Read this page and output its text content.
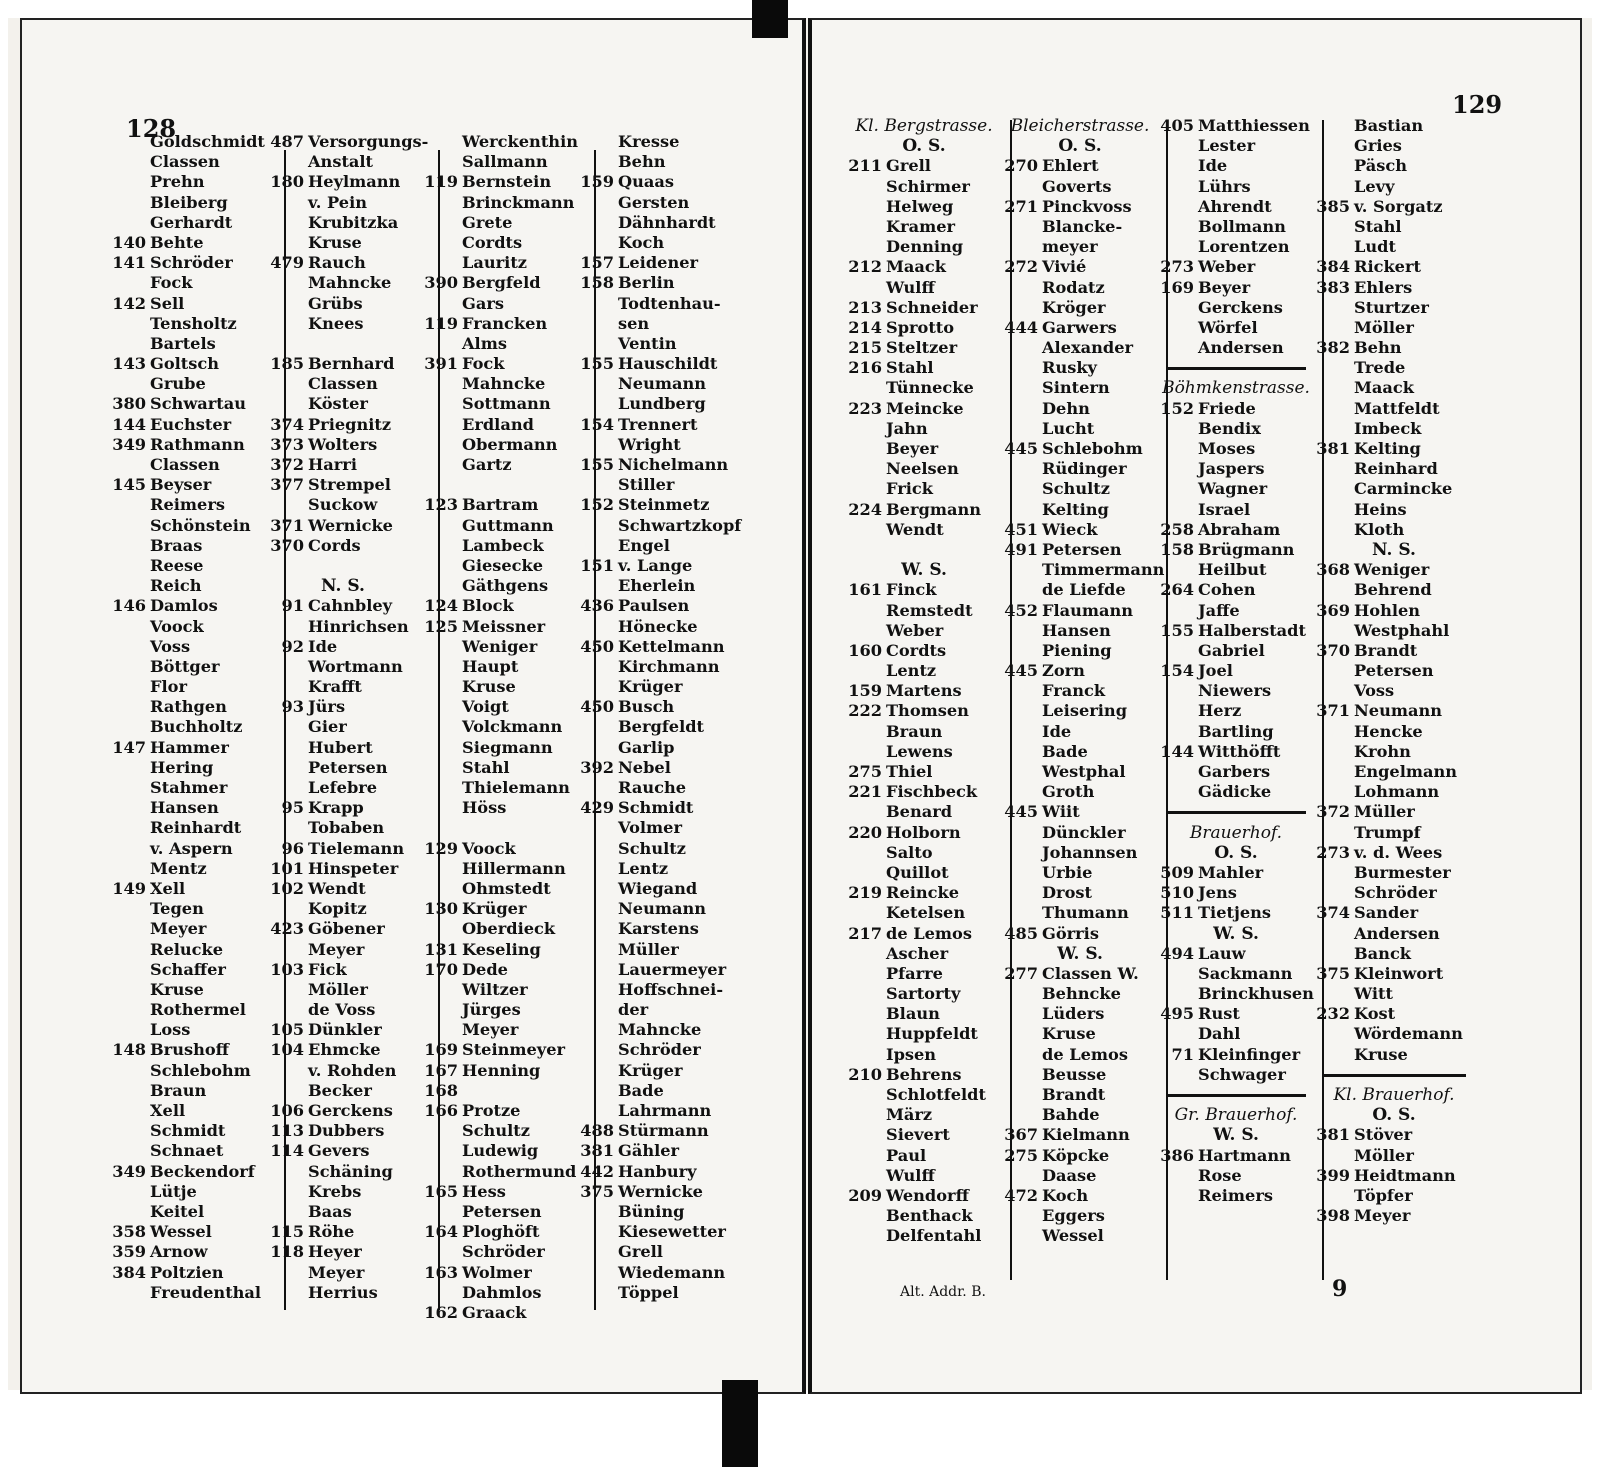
128
129
Alt. Addr. B.	9
Goldschmidt
Classen
Prehn
Bleiberg
Gerhardt
140 Behte
141 Schröder
Fock
142 Sell
Tensholtz
Bartels
143 Goltsch
Grube
380 Schwartau
144 Euchster
349 Rathmann
Classen
145 Beyser
Reimers
Schönstein
Braas
Reese
Reich
146 Damlos
Voock
Voss
Böttger
Flor
Rathgen
Buchholtz
147 Hammer
Hering
Stahmer
Hansen
Reinhardt
v. Aspern
Mentz
149 Xell
Tegen
Meyer
Relucke
Schaffer
Kruse
Rothermel
Loss
148 Brushoff
Schlebohm
Braun
Xell
Schmidt
Schnaet
349 Beckendorf
Lütje
Keitel
358 Wessel
359 Arnow
384 Poltzien
Freudenthal
487 Versorgungs-
Anstalt
180 Heylmann
v. Pein
Krubitzka
Kruse
479 Rauch
Mahncke
Grübs
Knees
185 Bernhard
Classen
Köster
374 Priegnitz
373 Wolters
372 Harri
377 Strempel
Suckow
371 Wernicke
370 Cords
N. S.
91 Cahnbley
Hinrichsen
92 Ide
Wortmann
Krafft
93 Jürs
Gier
Hubert
Petersen
Lefebre
95 Krapp
Tobaben
96 Tielemann
101 Hinspeter
102 Wendt
Kopitz
423 Göbener
Meyer
103 Fick
Möller
de Voss
105 Dünkler
104 Ehmcke
v. Rohden
Becker
106 Gerckens
113 Dubbers
114 Gevers
Schäning
Krebs
Baas
115 Röhe
118 Heyer
Meyer
Herrius
Werckenthin
Sallmann
119 Bernstein
Brinckmann
Grete
Cordts
Lauritz
390 Bergfeld
Gars
119 Francken
Alms
391 Fock
Mahncke
Sottmann
Erdland
Obermann
Gartz
123 Bartram
Guttmann
Lambeck
Giesecke
Gäthgens
124 Block
125 Meissner
Weniger
Haupt
Kruse
Voigt
Volckmann
Siegmann
Stahl
Thielemann
Höss
129 Voock
Hillermann
Ohmstedt
130 Krüger
Oberdieck
131 Keseling
170 Dede
Wiltzer
Jürges
Meyer
169 Steinmeyer
167 Henning
168
166 Protze
Schultz
Ludewig
Rothermund
165 Hess
Petersen
164 Ploghöft
Schröder
163 Wolmer
Dahmlos
162 Graack
Kresse
Behn
159 Quaas
Gersten
Dähnhardt
Koch
157 Leidener
158 Berlin
Todtenhau-
sen
Ventin
155 Hauschildt
Neumann
Lundberg
154 Trennert
Wright
155 Nichelmann
Stiller
152 Steinmetz
Schwartzkopf
Engel
151 v. Lange
Eherlein
436 Paulsen
Hönecke
450 Kettelmann
Kirchmann
Krüger
450 Busch
Bergfeldt
Garlip
392 Nebel
Rauche
429 Schmidt
Volmer
Schultz
Lentz
Wiegand
Neumann
Karstens
Müller
Lauermeyer
Hoffschnei-
der
Mahncke
Schröder
Krüger
Bade
Lahrmann
488 Stürmann
381 Gähler
442 Hanbury
375 Wernicke
Büning
Kiesewetter
Grell
Wiedemann
Töppel
Kl. Bergstrasse.
O. S.
211 Grell
Schirmer
Helweg
Kramer
Denning
212 Maack
Wulff
213 Schneider
214 Sprotto
215 Steltzer
216 Stahl
Tünnecke
223 Meincke
Jahn
Beyer
Neelsen
Frick
224 Bergmann
Wendt
W. S.
161 Finck
Remstedt
Weber
160 Cordts
Lentz
159 Martens
222 Thomsen
Braun
Lewens
275 Thiel
221 Fischbeck
Benard
220 Holborn
Salto
Quillot
219 Reincke
Ketelsen
217 de Lemos
Ascher
Pfarre
Sartorty
Blaun
Huppfeldt
Ipsen
210 Behrens
Schlotfeldt
März
Sievert
Paul
Wulff
209 Wendorff
Benthack
Delfentahl
Bleicherstrasse.
O. S.
270 Ehlert
Goverts
271 Pinckvoss
Blancke-
meyer
272 Vivié
Rodatz
Kröger
444 Garwers
Alexander
Rusky
Sintern
Dehn
Lucht
445 Schlebohm
Rüdinger
Schultz
Kelting
451 Wieck
491 Petersen
Timmermann
de Liefde
452 Flaumann
Hansen
Piening
445 Zorn
Franck
Leisering
Ide
Bade
Westphal
Groth
445 Wiit
Dünckler
Johannsen
Urbie
Drost
Thumann
485 Görris
W. S.
277 Classen W.
Behncke
Lüders
Kruse
de Lemos
Beusse
Brandt
Bahde
367 Kielmann
275 Köpcke
Daase
472 Koch
Eggers
Wessel
405 Matthiessen
Lester
Ide
Lührs
Ahrendt
Bollmann
Lorentzen
273 Weber
169 Beyer
Gerckens
Wörfel
Andersen
Böhmkenstrasse.
152 Friede
Bendix
Moses
Jaspers
Wagner
Israel
258 Abraham
158 Brügmann
Heilbut
264 Cohen
Jaffe
155 Halberstadt
Gabriel
154 Joel
Niewers
Herz
Bartling
144 Witthöfft
Garbers
Gädicke
Brauerhof.
O. S.
509 Mahler
510 Jens
511 Tietjens
W. S.
494 Lauw
Sackmann
Brinckhusen
495 Rust
Dahl
71 Kleinfinger
Schwager
Gr. Brauerhof.
W. S.
386 Hartmann
Rose
Reimers
Bastian
Gries
Päsch
Levy
385 v. Sorgatz
Stahl
Ludt
384 Rickert
383 Ehlers
Sturtzer
Möller
382 Behn
Trede
Maack
Mattfeldt
Imbeck
381 Kelting
Reinhard
Carmincke
Heins
Kloth
N. S.
368 Weniger
Behrend
369 Hohlen
Westphahl
370 Brandt
Petersen
Voss
371 Neumann
Hencke
Krohn
Engelmann
Lohmann
372 Müller
Trumpf
273 v. d. Wees
Burmester
Schröder
374 Sander
Andersen
Banck
375 Kleinwort
Witt
232 Kost
Wördemann
Kruse
Kl. Brauerhof.
O. S.
381 Stöver
Möller
399 Heidtmann
Töpfer
398 Meyer
